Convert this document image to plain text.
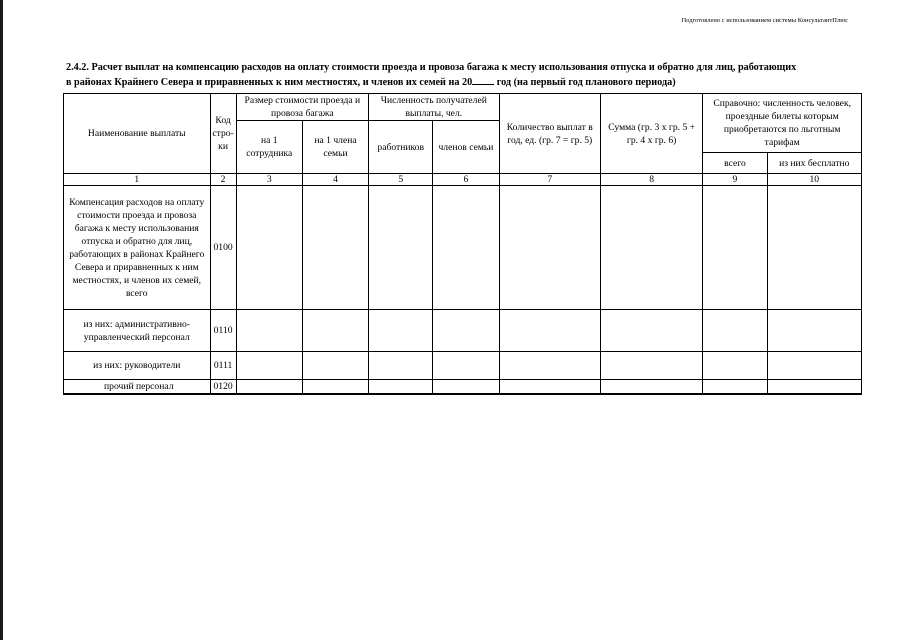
Подготовлено с использованием системы КонсультантПлюс
2.4.2. Расчет выплат на компенсацию расходов на оплату стоимости проезда и провоза багажа к месту использования отпуска и обратно для лиц, работающих
в районах Крайнего Севера и приравненных к ним местностях, и членов их семей на 20 год (на первый год планового периода)
Наименование выплаты	Код стро-ки	Размер стоимости проезда и провоза багажа		Численность получателей выплаты, чел.		Количество выплат в год, ед. (гр. 7 = гр. 5)	Сумма (гр. 3 х гр. 5 + гр. 4 х гр. 6)	Справочно: численность человек, проездные билеты которым приобретаются по льготным тарифам	
		на 1 сотрудника	на 1 члена семьи	работников	членов семьи				
								всего	из них бесплатно
1	2	3	4	5	6	7	8	9	10
Компенсация расходов на оплату стоимости проезда и провоза багажа к месту использования отпуска и обратно для лиц, работающих в районах Крайнего Севера и приравненных к ним местностях, и членов их семей, всего	0100								
из них: административно-управленческий персонал	0110								
из них: руководители	0111								
прочий персонал	0120								
